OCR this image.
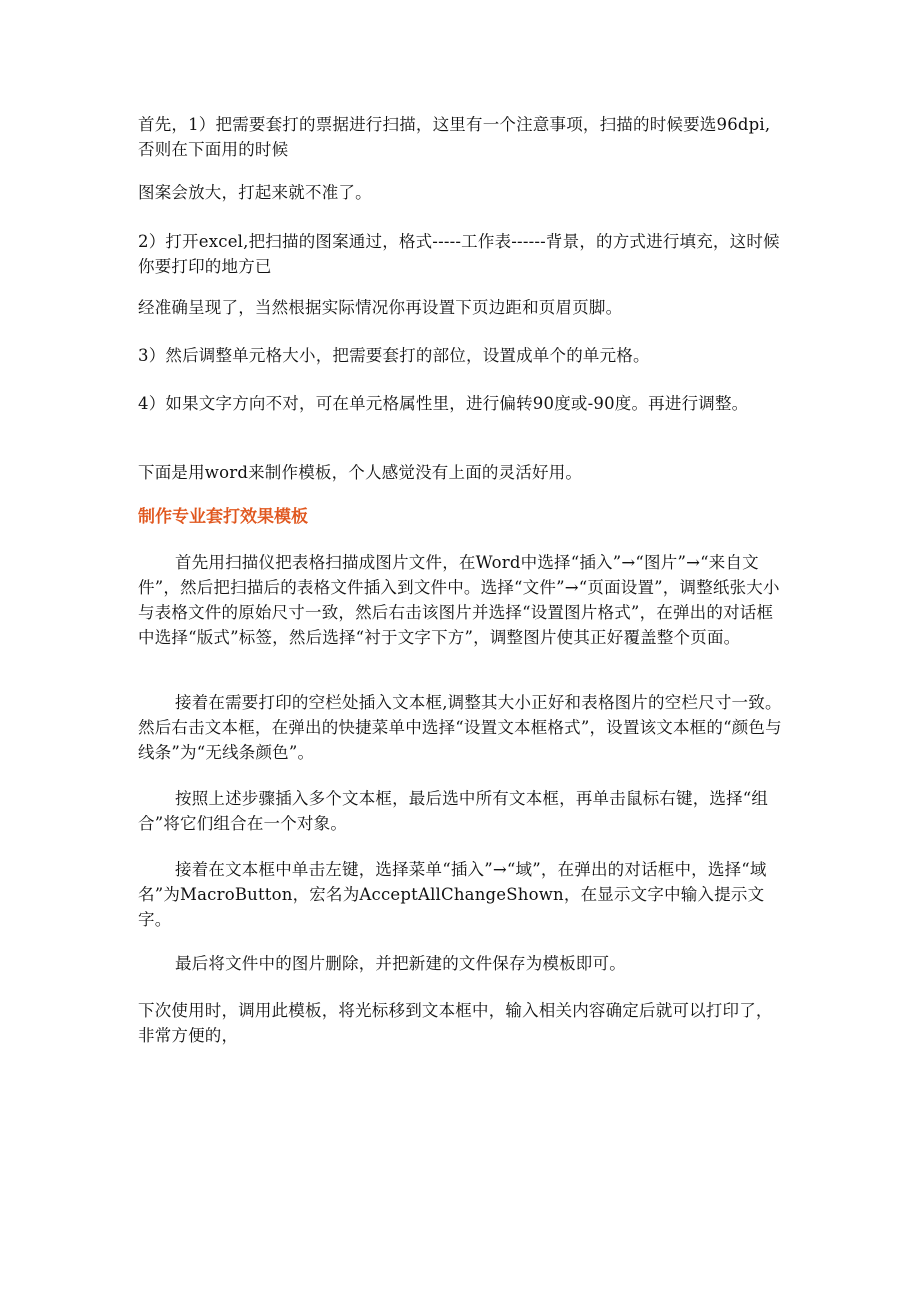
首先，1）把需要套打的票据进行扫描，这里有一个注意事项，扫描的时候要选96dpi,否则在下面用的时候

图案会放大，打起来就不准了。

2）打开excel,把扫描的图案通过，格式-----工作表------背景，的方式进行填充，这时候你要打印的地方已

经准确呈现了，当然根据实际情况你再设置下页边距和页眉页脚。

3）然后调整单元格大小，把需要套打的部位，设置成单个的单元格。

4）如果文字方向不对，可在单元格属性里，进行偏转90度或-90度。再进行调整。

下面是用word来制作模板，个人感觉没有上面的灵活好用。

制作专业套打效果模板

首先用扫描仪把表格扫描成图片文件，在Word中选择“插入”→“图片”→“来自文件”，然后把扫描后的表格文件插入到文件中。选择“文件”→“页面设置”，调整纸张大小与表格文件的原始尺寸一致，然后右击该图片并选择“设置图片格式”，在弹出的对话框中选择“版式”标签，然后选择“衬于文字下方”，调整图片使其正好覆盖整个页面。

接着在需要打印的空栏处插入文本框,调整其大小正好和表格图片的空栏尺寸一致。然后右击文本框，在弹出的快捷菜单中选择“设置文本框格式”，设置该文本框的“颜色与线条”为“无线条颜色”。

按照上述步骤插入多个文本框，最后选中所有文本框，再单击鼠标右键，选择“组合”将它们组合在一个对象。

接着在文本框中单击左键，选择菜单“插入”→“域”，在弹出的对话框中，选择“域名”为MacroButton，宏名为AcceptAllChangeShown，在显示文字中输入提示文字。

最后将文件中的图片删除，并把新建的文件保存为模板即可。

下次使用时，调用此模板，将光标移到文本框中，输入相关内容确定后就可以打印了，非常方便的，
